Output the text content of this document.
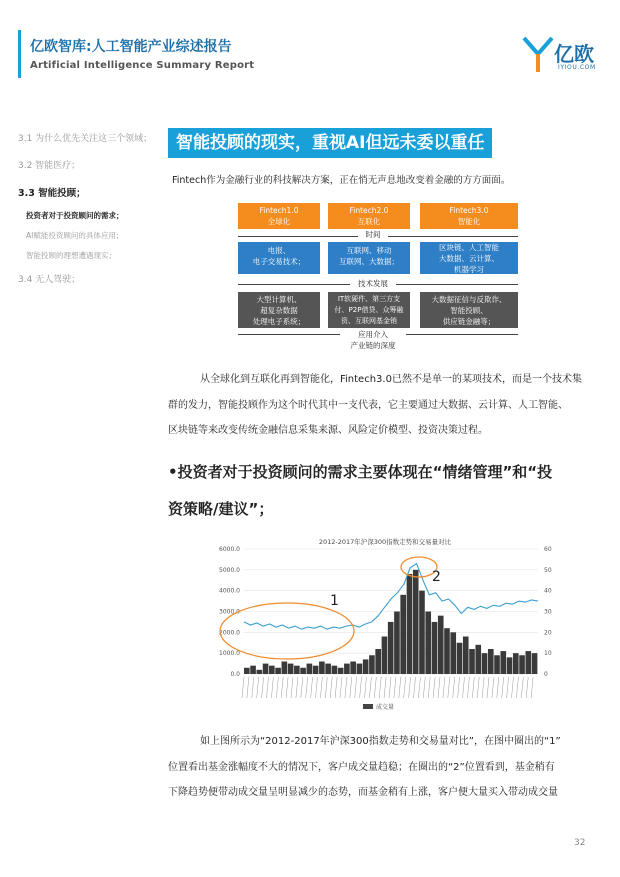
亿欧智库:人工智能产业综述报告
Artificial Intelligence Summary Report	亿欧
IYIOU.COM
3.1 为什么优先关注这三个领域；
3.2 智能医疗；
3.3 智能投顾；
投资者对于投资顾问的需求；
AI赋能投资顾问的具体应用；
智能投顾的理想遭遇现实；
3.4 无人驾驶；
智能投顾的现实，重视AI但远未委以重任
Fintech作为金融行业的科技解决方案，正在悄无声息地改变着金融的方方面面。
Fintech1.0
全球化
Fintech2.0
互联化
Fintech3.0
智能化
时间
电报、
电子交易技术；
互联网、移动
互联网、大数据；
区块链、人工智能
大数据、云计算、
机器学习
技术发展
大型计算机、
超复杂数据
处理电子系统；
IT软硬件、第三方支
付、P2P借贷、众筹融
资、互联网基金销
大数据征信与反欺诈、
智能投顾、
供应链金融等；
应用介入
产业链的深度
从全球化到互联化再到智能化，Fintech3.0已然不是单一的某项技术，而是一个技术集
群的发力，智能投顾作为这个时代其中一支代表，它主要通过大数据、云计算、人工智能、
区块链等来改变传统金融信息采集来源、风险定价模型、投资决策过程。
•投资者对于投资顾问的需求主要体现在“情绪管理”和“投
资策略/建议”；
2012-2017年沪深300指数走势和交易量对比
0.0
1000.0
2000.0
3000.0
4000.0
5000.0
6000.0
0
10
20
30
40
50
60
1
2
成交量
如上图所示为“2012-2017年沪深300指数走势和交易量对比”，在图中圈出的“1”
位置看出基金涨幅度不大的情况下，客户成交量趋稳；在圈出的“2”位置看到，基金稍有
下降趋势便带动成交量呈明显减少的态势，而基金稍有上涨，客户便大量买入带动成交量
32
